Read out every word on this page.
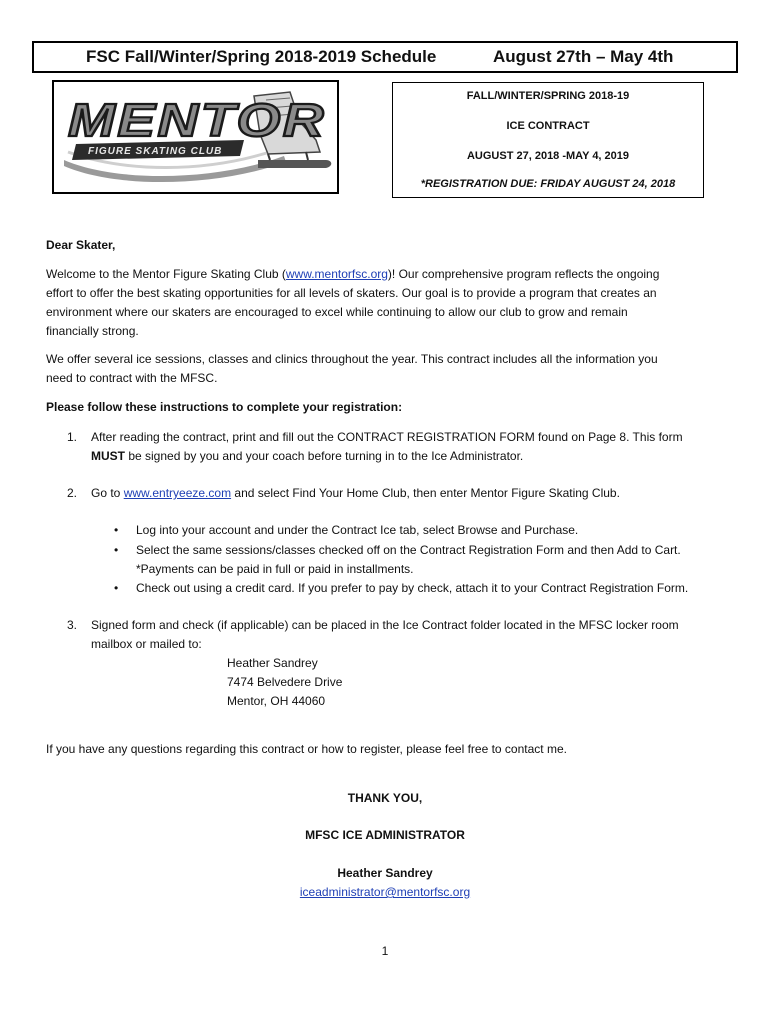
FSC Fall/Winter/Spring 2018-2019 Schedule	August 27th – May 4th
FIGURE SKATING CLUB
MENTOR	FALL/WINTER/SPRING 2018-19
ICE CONTRACT
AUGUST 27, 2018 -MAY 4, 2019
*REGISTRATION DUE: FRIDAY AUGUST 24, 2018
Dear Skater,
Welcome to the Mentor Figure Skating Club (www.mentorfsc.org)! Our comprehensive program reflects the ongoing
effort to offer the best skating opportunities for all levels of skaters. Our goal is to provide a program that creates an
environment where our skaters are encouraged to excel while continuing to allow our club to grow and remain
financially strong.
We offer several ice sessions, classes and clinics throughout the year. This contract includes all the information you
need to contract with the MFSC.
Please follow these instructions to complete your registration:
1. After reading the contract, print and fill out the CONTRACT REGISTRATION FORM found on Page 8. This form
MUST be signed by you and your coach before turning in to the Ice Administrator.
2. Go to www.entryeeze.com and select Find Your Home Club, then enter Mentor Figure Skating Club.
• Log into your account and under the Contract Ice tab, select Browse and Purchase.
• Select the same sessions/classes checked off on the Contract Registration Form and then Add to Cart.
*Payments can be paid in full or paid in installments.
• Check out using a credit card. If you prefer to pay by check, attach it to your Contract Registration Form.
3. Signed form and check (if applicable) can be placed in the Ice Contract folder located in the MFSC locker room
mailbox or mailed to:
Heather Sandrey
7474 Belvedere Drive
Mentor, OH 44060
If you have any questions regarding this contract or how to register, please feel free to contact me.
THANK YOU,
MFSC ICE ADMINISTRATOR
Heather Sandrey
iceadministrator@mentorfsc.org
1
